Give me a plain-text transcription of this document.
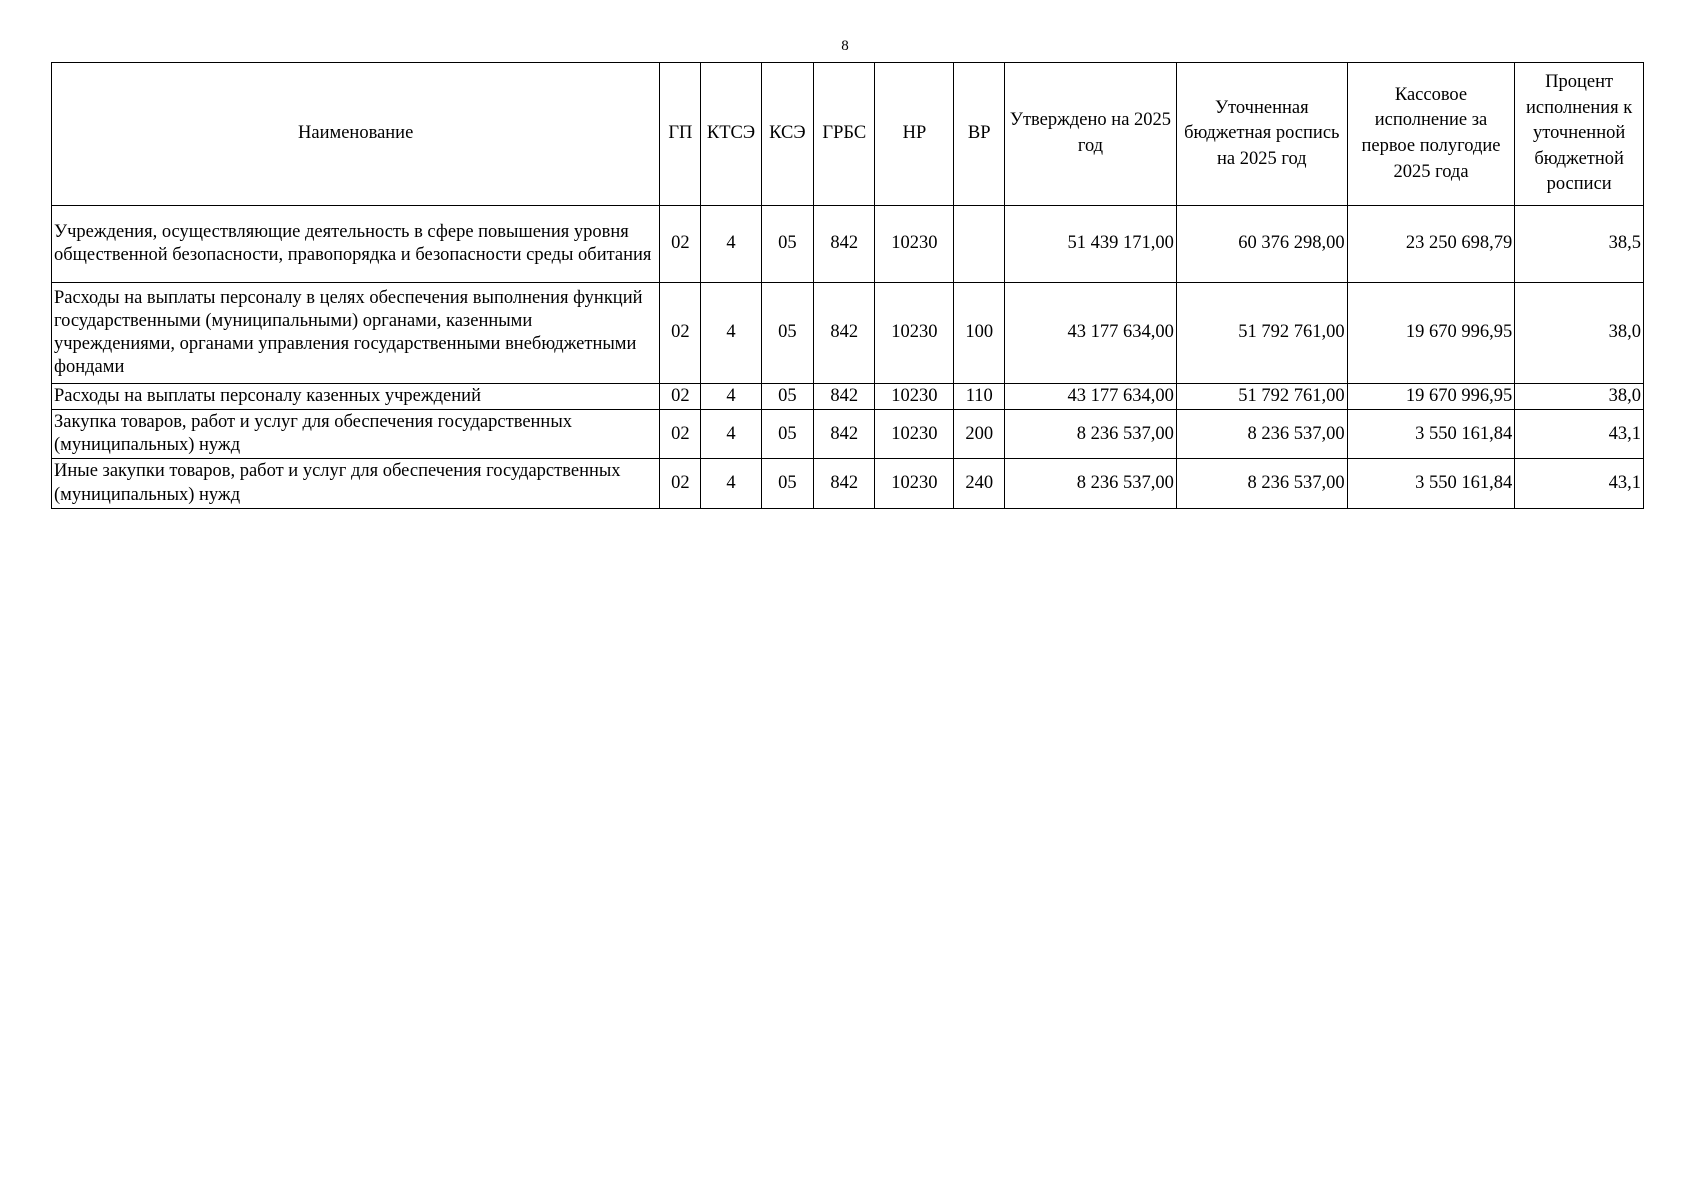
8
Наименование	ГП	КТСЭ	КСЭ	ГРБС	НР	ВР	Утверждено на 2025 год	Уточненная бюджетная роспись на 2025 год	Кассовое исполнение за первое полугодие 2025 года	Процент исполнения к уточненной бюджетной росписи
Учреждения, осуществляющие деятельность в сфере повышения уровня общественной безопасности, правопорядка и безопасности среды обитания	02	4	05	842	10230		51 439 171,00	60 376 298,00	23 250 698,79	38,5
Расходы на выплаты персоналу в целях обеспечения выполнения функций государственными (муниципальными) органами, казенными учреждениями, органами управления государственными внебюджетными фондами	02	4	05	842	10230	100	43 177 634,00	51 792 761,00	19 670 996,95	38,0
Расходы на выплаты персоналу казенных учреждений	02	4	05	842	10230	110	43 177 634,00	51 792 761,00	19 670 996,95	38,0
Закупка товаров, работ и услуг для обеспечения государственных (муниципальных) нужд	02	4	05	842	10230	200	8 236 537,00	8 236 537,00	3 550 161,84	43,1
Иные закупки товаров, работ и услуг для обеспечения государственных (муниципальных) нужд	02	4	05	842	10230	240	8 236 537,00	8 236 537,00	3 550 161,84	43,1
